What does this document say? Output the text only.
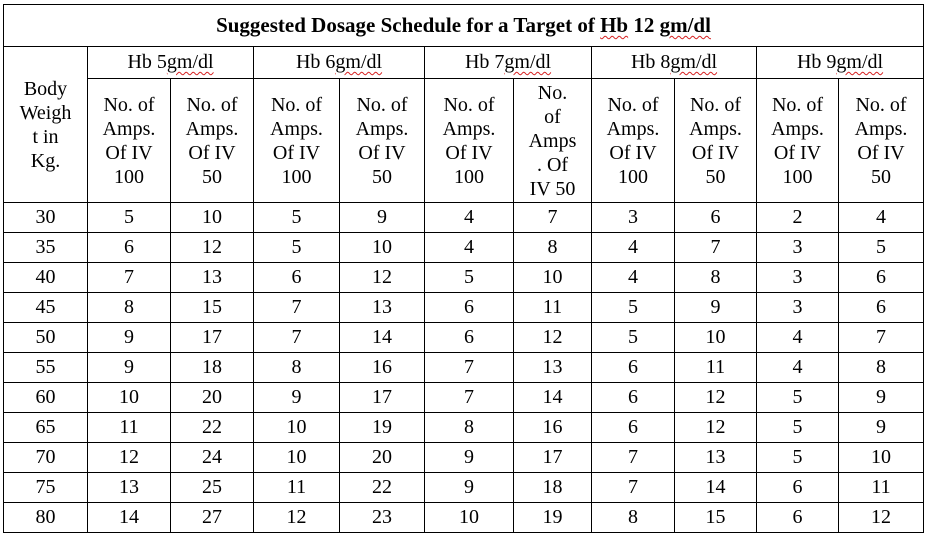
Suggested Dosage Schedule for a Target of Hb 12 gm/dl										
Body
Weigh
t in
Kg.	Hb 5gm/dl		Hb 6gm/dl		Hb 7gm/dl		Hb 8gm/dl		Hb 9gm/dl	
	No. of
Amps.
Of IV
100	No. of
Amps.
Of IV
50	No. of
Amps.
Of IV
100	No. of
Amps.
Of IV
50	No. of
Amps.
Of IV
100	No.
of
Amps
. Of
IV 50	No. of
Amps.
Of IV
100	No. of
Amps.
Of IV
50	No. of
Amps.
Of IV
100	No. of
Amps.
Of IV
50
30	5	10	5	9	4	7	3	6	2	4
35	6	12	5	10	4	8	4	7	3	5
40	7	13	6	12	5	10	4	8	3	6
45	8	15	7	13	6	11	5	9	3	6
50	9	17	7	14	6	12	5	10	4	7
55	9	18	8	16	7	13	6	11	4	8
60	10	20	9	17	7	14	6	12	5	9
65	11	22	10	19	8	16	6	12	5	9
70	12	24	10	20	9	17	7	13	5	10
75	13	25	11	22	9	18	7	14	6	11
80	14	27	12	23	10	19	8	15	6	12
